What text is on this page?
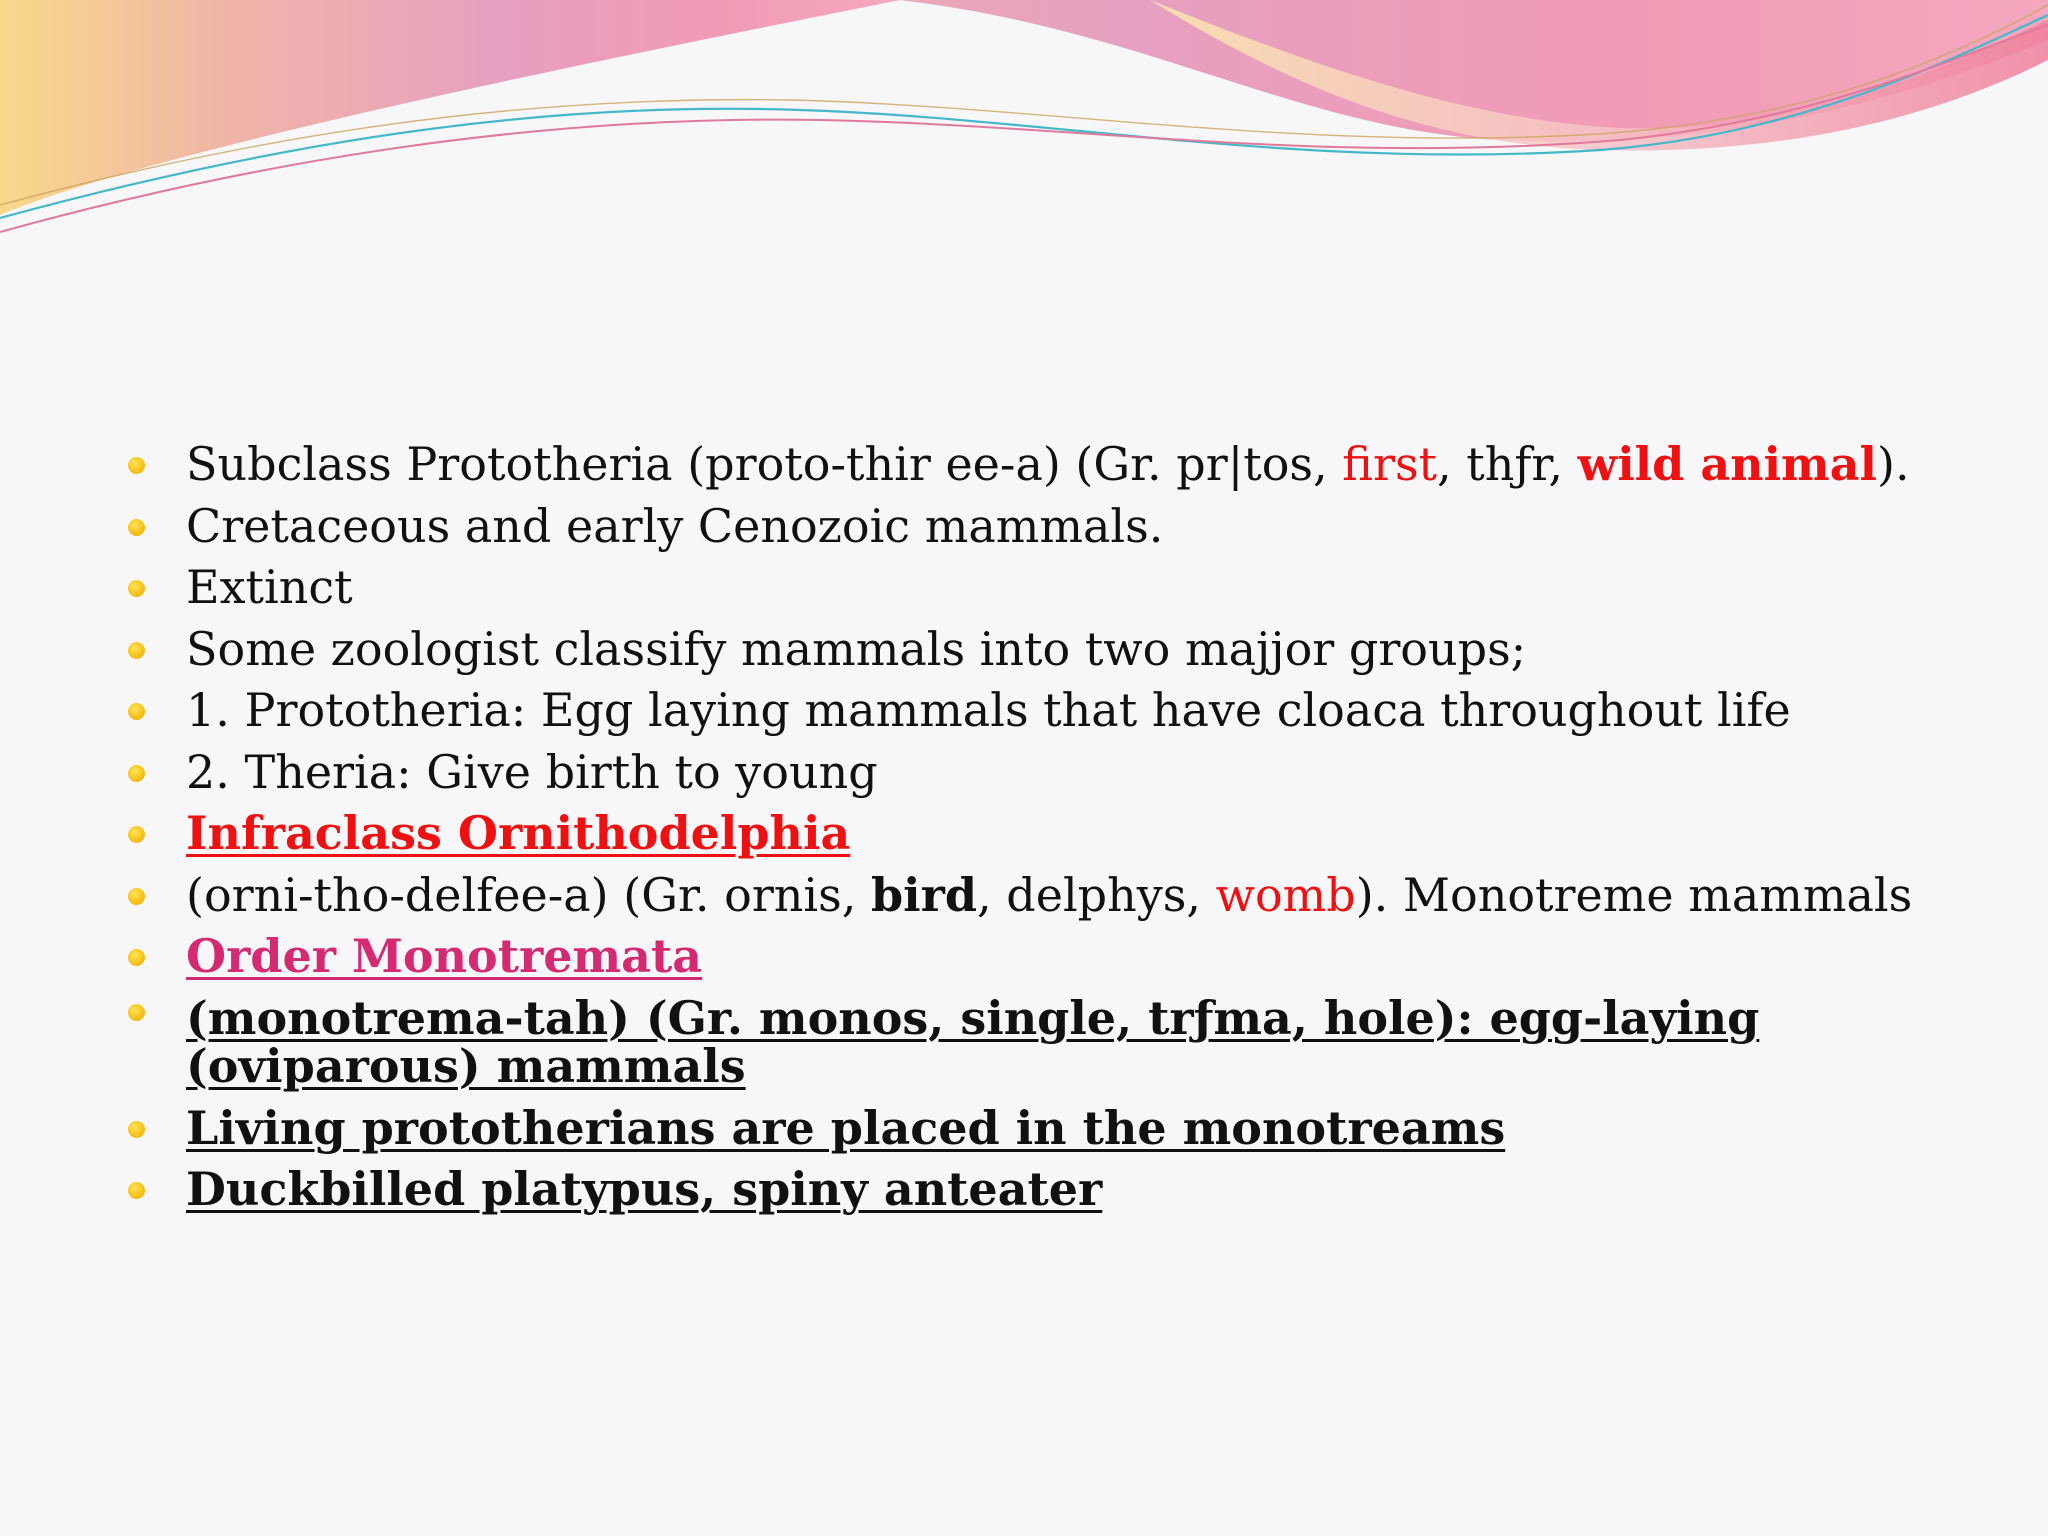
Subclass Prototheria (proto-thir ee-a) (Gr. pr|tos, first, thƒr, wild animal).
Cretaceous and early Cenozoic mammals.
Extinct
Some zoologist classify mammals into two majjor groups;
1. Prototheria: Egg laying mammals that have cloaca throughout life
2. Theria: Give birth to young
Infraclass Ornithodelphia
(orni-tho-delfee-a) (Gr. ornis, bird, delphys, womb). Monotreme mammals
Order Monotremata
(monotrema-tah) (Gr. monos, single, trƒma, hole): egg-laying (oviparous) mammals
Living prototherians are placed in the monotreams
Duckbilled platypus, spiny anteater
